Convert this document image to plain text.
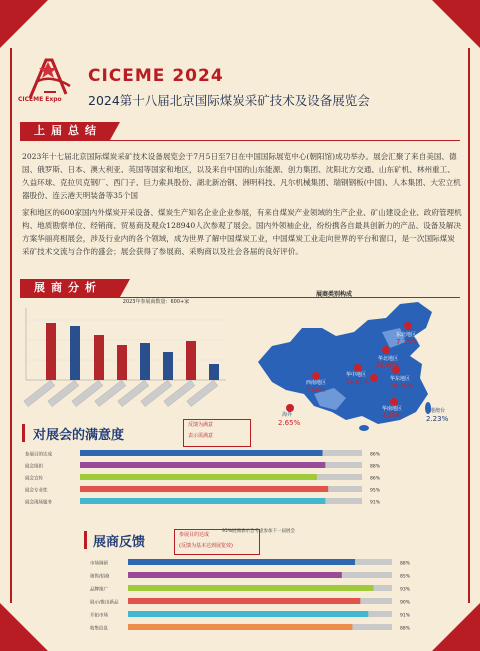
CICEME Expo
CICEME 2024
2024第十八届北京国际煤炭采矿技术及设备展览会
上届总结
2023年十七届北京国际煤炭采矿技术设备展览会于7月5日至7日在中国国际展览中心(朝阳馆)成功举办。展会汇聚了来自美国、德国、俄罗斯、日本、澳大利亚、英国等国家和地区，以及来自中国的山东能源、创力集团、沈阳北方交通、山东矿机、林州重工、久益环球、克拉贝克钢厂、西门子、巨力索具股份、湖北新冶钢、洲明科技、凡尔机械集团、瑞钢钢板(中国)、人本集团、大宏立机器股份、连云港天明装备等35个国
家和地区的600家国内外煤炭开采设备、煤炭生产知名企业企业参展，有来自煤炭产业领域的生产企业、矿山建设企业、政府管理机构、地质勘察单位、经销商、贸易商及观众128940人次参观了展会。国内外领袖企业，纷纷携各自最具创新力的产品、设备及解决方案华丽亮相展会，涉及行业内的各个领域，成为世界了解中国煤炭工业，中国煤炭工业走向世界的平台和窗口，是一次国际煤炭采矿技术交流与合作的盛会；展会获得了参展商、采购商以及社会各届的良好评价。
展商分析
2023年参展商数量：600+家
展商类别构成
东北地区
7.25%
华北地区
32.98%
华中地区
26.61%
西南地区
7.64%
华东地区
18.76%
华南地区
4.35%
海外
2.65%
港澳台
2.23%
对展会的满意度
反馈为满意
表示需满意
95%展商表示会考虑参加下一届展会
参展目的达成	86%
展会组织	88%
展会宣传	86%
展会专业性	95%
展会现场服务	91%
展商反馈	参展目的达成
(反馈为基本达到展览效)
市场调研	88%
销售/招商	85%
品牌推广	93%
展示/推出新品	90%
开拓市场	91%
收集信息	88%
